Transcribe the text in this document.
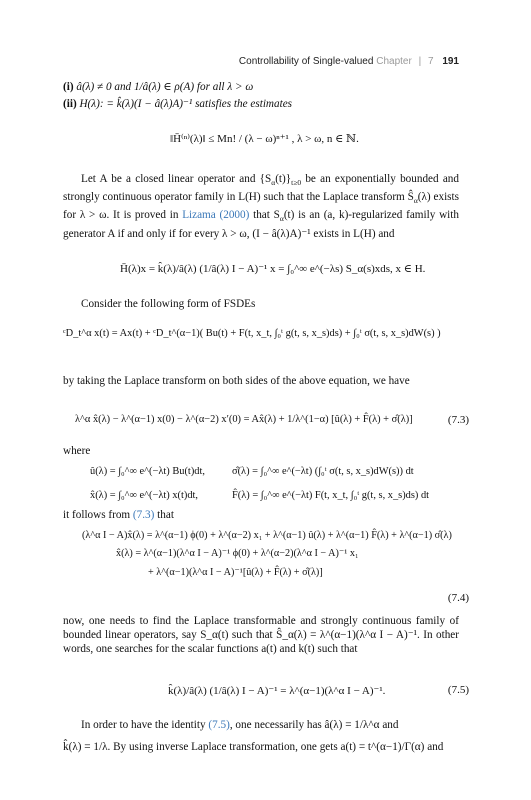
Controllability of Single-valued Chapter | 7 191
(i) â(λ) ≠ 0 and 1/â(λ) ∈ ρ(A) for all λ > ω
(ii) H(λ): = k̂(λ)(I − â(λ)A)⁻¹ satisfies the estimates
‖H̄⁽ⁿ⁾(λ)‖ ≤ Mn! / (λ − ω)ⁿ⁺¹ , λ > ω, n ∈ ℕ.
Let A be a closed linear operator and $\{S_\alpha(t)\}_{t\ge 0}$ be an exponentially bounded and strongly continuous operator family in L(H) such that the Laplace transform $Ŝ_\alpha(\lambda)$ exists for λ > ω. It is proved in Lizama (2000) that $S_\alpha(t)$ is an (a, k)-regularized family with generator A if and only if for every λ > ω, (I − â(λ)A)⁻¹ exists in L(H) and
H̄(λ)x = k̂(λ)/â(λ) (1/â(λ) I − A)⁻¹ x = ∫₀^∞ e^(−λs) S_α(s)xds, x ∈ H.
Consider the following form of FSDEs
ᶜD_t^α x(t) = Ax(t) + ᶜD_t^(α−1)( Bu(t) + F(t, x_t, ∫₀ᵗ g(t, s, x_s)ds) + ∫₀ᵗ σ(t, s, x_s)dW(s) )
by taking the Laplace transform on both sides of the above equation, we have
λ^α x̂(λ) − λ^(α−1) x(0) − λ^(α−2) x′(0) = Ax̂(λ) + 1/λ^(1−α) [û(λ) + F̂(λ) + σ̂(λ)]	(7.3)
where
û(λ) = ∫₀^∞ e^(−λt) Bu(t)dt,	σ̂(λ) = ∫₀^∞ e^(−λt) (∫₀ᵗ σ(t, s, x_s)dW(s)) dt
x̂(λ) = ∫₀^∞ e^(−λt) x(t)dt,	F̂(λ) = ∫₀^∞ e^(−λt) F(t, x_t, ∫₀ᵗ g(t, s, x_s)ds) dt
it follows from (7.3) that
(λ^α I − A)x̂(λ) = λ^(α−1) ϕ(0) + λ^(α−2) x₁ + λ^(α−1) û(λ) + λ^(α−1) F̂(λ) + λ^(α−1) σ̂(λ)
x̂(λ) = λ^(α−1)(λ^α I − A)⁻¹ ϕ(0) + λ^(α−2)(λ^α I − A)⁻¹ x₁
+ λ^(α−1)(λ^α I − A)⁻¹[û(λ) + F̂(λ) + σ̂(λ)]
(7.4)
now, one needs to find the Laplace transformable and strongly continuous family of bounded linear operators, say S_α(t) such that Ŝ_α(λ) = λ^(α−1)(λ^α I − A)⁻¹. In other words, one searches for the scalar functions a(t) and k(t) such that
k̂(λ)/â(λ) (1/â(λ) I − A)⁻¹ = λ^(α−1)(λ^α I − A)⁻¹.	(7.5)
In order to have the identity (7.5), one necessarily has â(λ) = 1/λ^α and
k̂(λ) = 1/λ. By using inverse Laplace transformation, one gets a(t) = t^(α−1)/Γ(α) and
